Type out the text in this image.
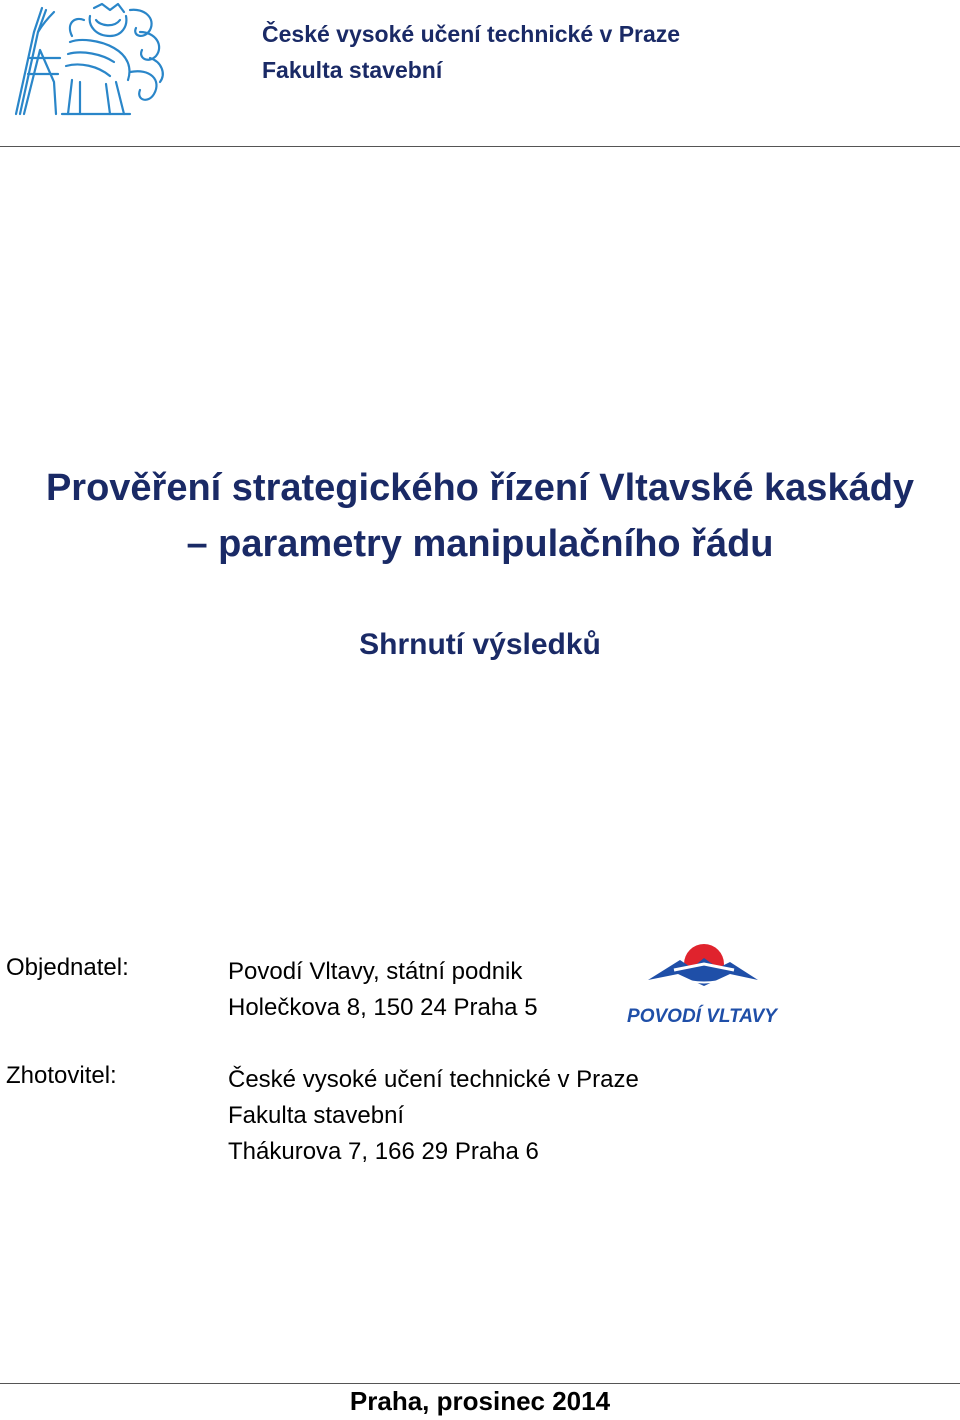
České vysoké učení technické v Praze
Fakulta stavební
Prověření strategického řízení Vltavské kaskády
– parametry manipulačního řádu
Shrnutí výsledků
Objednatel:	Povodí Vltavy, státní podnik
Holečkova 8, 150 24 Praha 5	POVODÍ VLTAVY
Zhotovitel:	České vysoké učení technické v Praze
Fakulta stavební
Thákurova 7, 166 29 Praha 6
Praha, prosinec 2014
